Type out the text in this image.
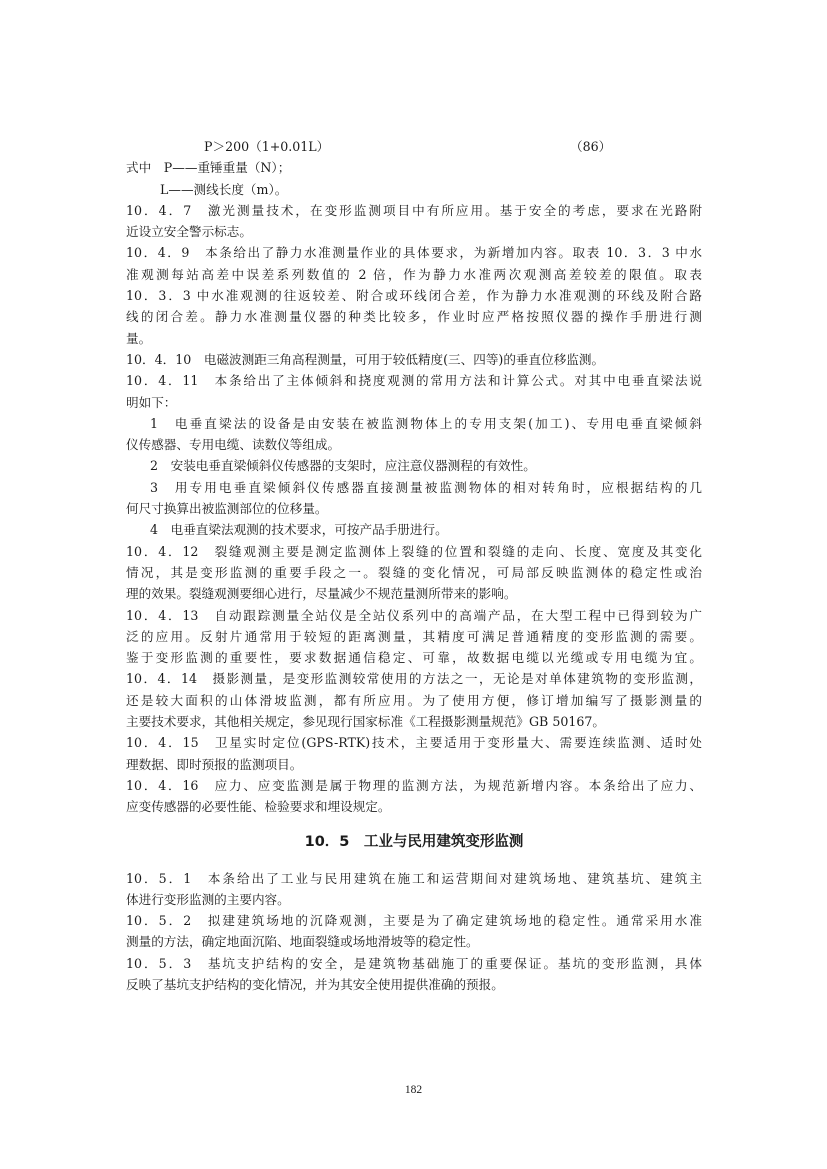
P＞200（1+0.01L）	（86）
式中　P——重锤重量（N）；
L——测线长度（m）。
10．4．7　激光测量技术，在变形监测项目中有所应用。基于安全的考虑，要求在光路附
近设立安全警示标志。
10．4．9　本条给出了静力水准测量作业的具体要求，为新增加内容。取表 10．3．3 中水
准观测每站高差中误差系列数值的 2 倍，作为静力水准两次观测高差较差的限值。取表
10．3．3 中水准观测的往返较差、附合或环线闭合差，作为静力水准观测的环线及附合路
线的闭合差。静力水准测量仪器的种类比较多，作业时应严格按照仪器的操作手册进行测
量。
10．4．10　电磁波测距三角高程测量，可用于较低精度(三、四等)的垂直位移监测。
10．4．11　本条给出了主体倾斜和挠度观测的常用方法和计算公式。对其中电垂直梁法说
明如下：
1　电垂直梁法的设备是由安装在被监测物体上的专用支架(加工)、专用电垂直梁倾斜
仪传感器、专用电缆、读数仪等组成。
2　安装电垂直梁倾斜仪传感器的支架时，应注意仪器测程的有效性。
3　用专用电垂直梁倾斜仪传感器直接测量被监测物体的相对转角时，应根据结构的几
何尺寸换算出被监测部位的位移量。
4　电垂直梁法观测的技术要求，可按产品手册进行。
10．4．12　裂缝观测主要是测定监测体上裂缝的位置和裂缝的走向、长度、宽度及其变化
情况，其是变形监测的重要手段之一。裂缝的变化情况，可局部反映监测体的稳定性或治
理的效果。裂缝观测要细心进行，尽量减少不规范量测所带来的影响。
10．4．13　自动跟踪测量全站仪是全站仪系列中的高端产品，在大型工程中已得到较为广
泛的应用。反射片通常用于较短的距离测量，其精度可满足普通精度的变形监测的需要。
鉴于变形监测的重要性，要求数据通信稳定、可靠，故数据电缆以光缆或专用电缆为宜。
10．4．14　摄影测量，是变形监测较常使用的方法之一，无论是对单体建筑物的变形监测，
还是较大面积的山体滑坡监测，都有所应用。为了使用方便，修订增加编写了摄影测量的
主要技术要求，其他相关规定，参见现行国家标准《工程摄影测量规范》GB 50167。
10．4．15　卫星实时定位(GPS-RTK)技术，主要适用于变形量大、需要连续监测、适时处
理数据、即时预报的监测项目。
10．4．16　应力、应变监测是属于物理的监测方法，为规范新增内容。本条给出了应力、
应变传感器的必要性能、检验要求和埋设规定。
10．5　工业与民用建筑变形监测
10．5．1　本条给出了工业与民用建筑在施工和运营期间对建筑场地、建筑基坑、建筑主
体进行变形监测的主要内容。
10．5．2　拟建建筑场地的沉降观测，主要是为了确定建筑场地的稳定性。通常采用水准
测量的方法，确定地面沉陷、地面裂缝或场地滑坡等的稳定性。
10．5．3　基坑支护结构的安全，是建筑物基础施丁的重要保证。基坑的变形监测，具体
反映了基坑支护结构的变化情况，并为其安全使用提供准确的预报。
182
